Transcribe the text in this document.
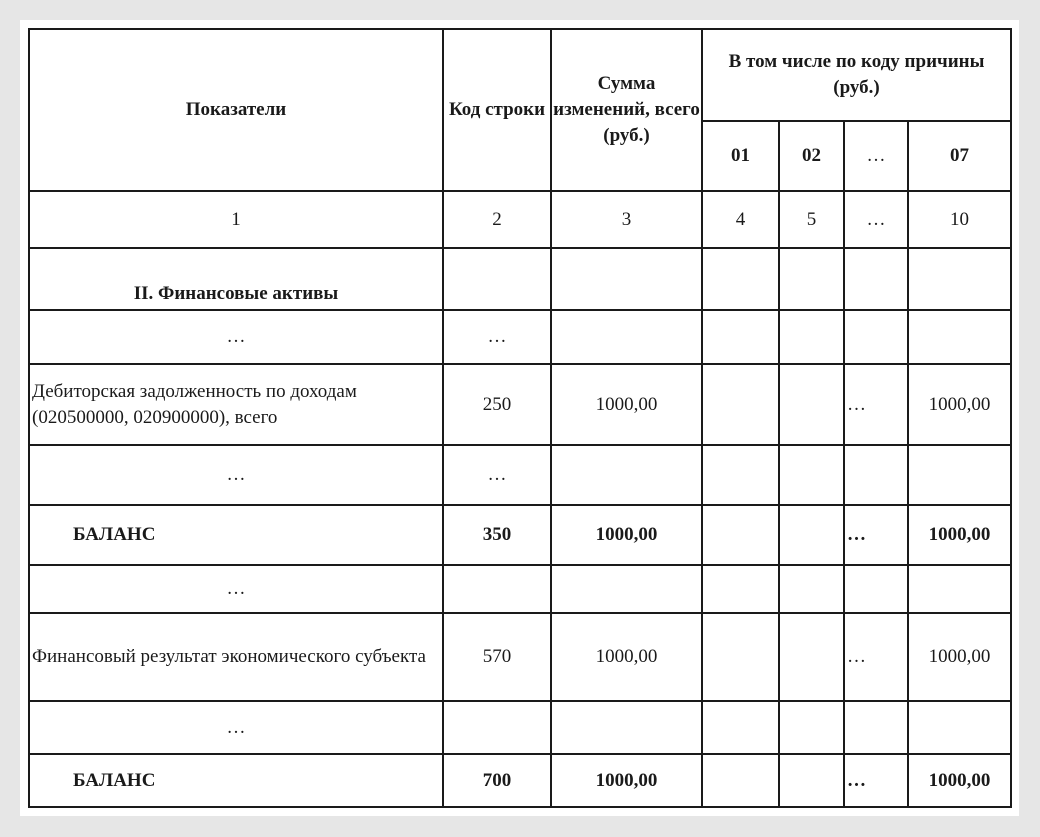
Показатели	Код строки	Сумма изменений, всего (руб.)	В том числе по коду причины (руб.)			
			01	02	…	07
1	2	3	4	5	…	10
II. Финансовые активы						
…	…					
Дебиторская задолженность по доходам (020500000, 020900000), всего	250	1000,00			…	1000,00
…	…					
БАЛАНС	350	1000,00			…	1000,00
…						
Финансовый результат экономического субъекта	570	1000,00			…	1000,00
…						
БАЛАНС	700	1000,00			…	1000,00
